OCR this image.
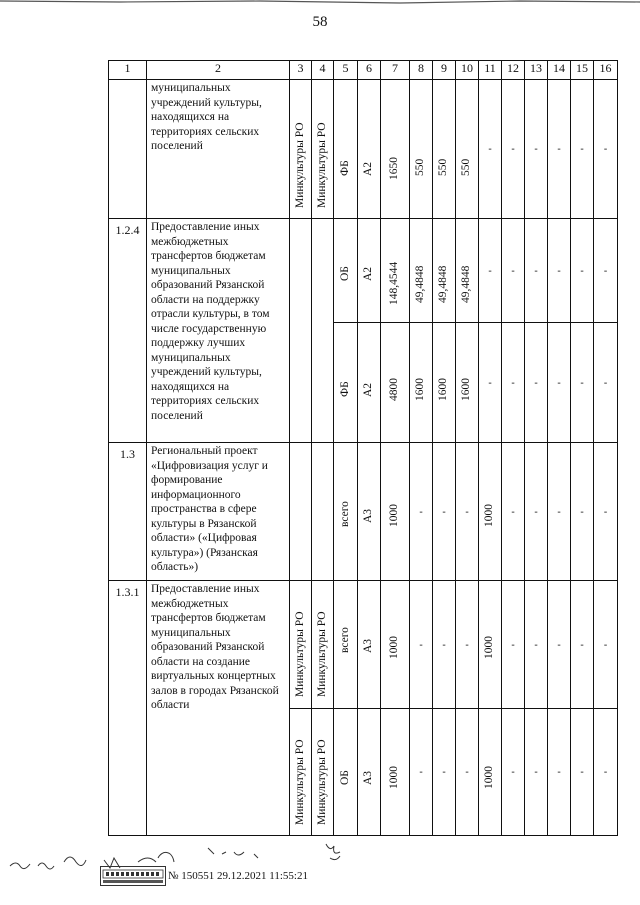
58
1	2	3	4	5	6	7	8	9	10	11	12	13	14	15	16
	муниципальных учреждений культуры, находящихся на территориях сельских поселений	Минкультуры РО	Минкультуры РО	ФБ	А2	1650	550	550	550	-	-	-	-	-	-

1.2.4	Предоставление иных межбюджетных трансфертов бюджетам муниципальных образований Рязанской области на поддержку отрасли культуры, в том числе государственную поддержку лучших муниципальных учреждений культуры, находящихся на территориях сельских поселений			ОБ	А2	148,4544	49,4848	49,4848	49,4848	-	-	-	-	-	-

				ФБ	А2	4800	1600	1600	1600	-	-	-	-	-	-

1.3	Региональный проект «Цифровизация услуг и формирование информационного пространства в сфере культуры в Рязанской области» («Цифровая культура») (Рязанская область»)			всего	А3	1000	-	-	-	1000	-	-	-	-	-

1.3.1	Предоставление иных межбюджетных трансфертов бюджетам муниципальных образований Рязанской области на создание виртуальных концертных залов в городах Рязанской области	Минкультуры РО	Минкультуры РО	всего	А3	1000	-	-	-	1000	-	-	-	-	-

		Минкультуры РО	Минкультуры РО	ОБ	А3	1000	-	-	-	1000	-	-	-	-	-
№ 150551 29.12.2021 11:55:21
